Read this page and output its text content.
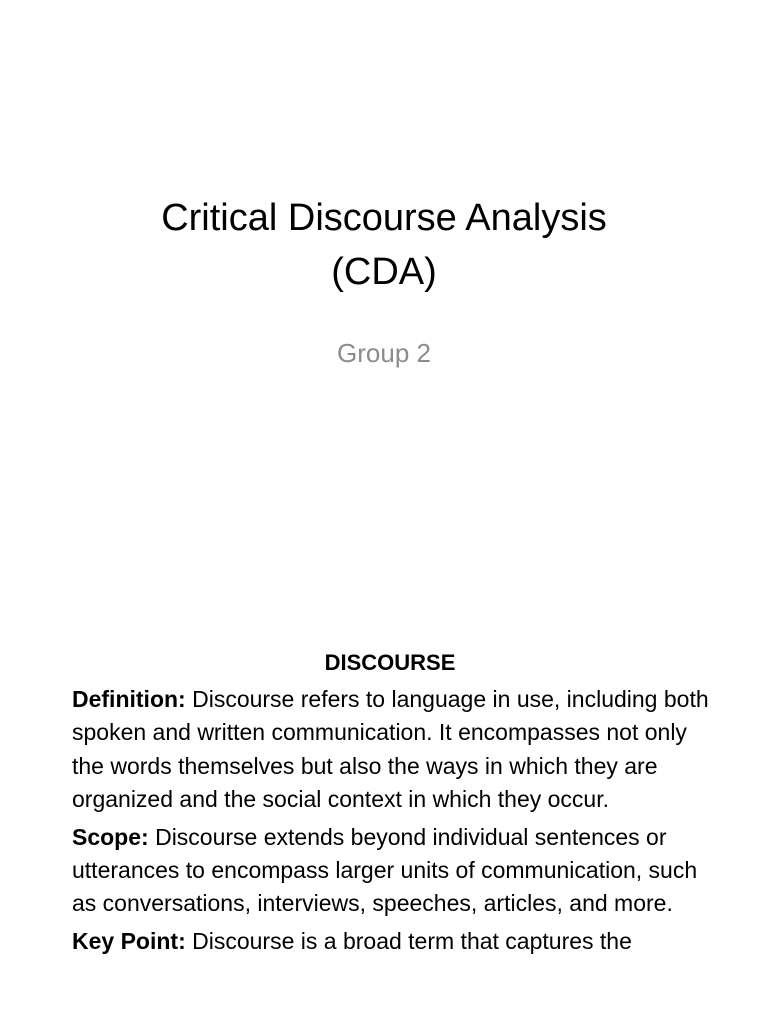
Critical Discourse Analysis
(CDA)
Group 2
DISCOURSE

Definition: Discourse refers to language in use, including both spoken and written communication. It encompasses not only the words themselves but also the ways in which they are organized and the social context in which they occur.

Scope: Discourse extends beyond individual sentences or utterances to encompass larger units of communication, such as conversations, interviews, speeches, articles, and more.

Key Point: Discourse is a broad term that captures the
